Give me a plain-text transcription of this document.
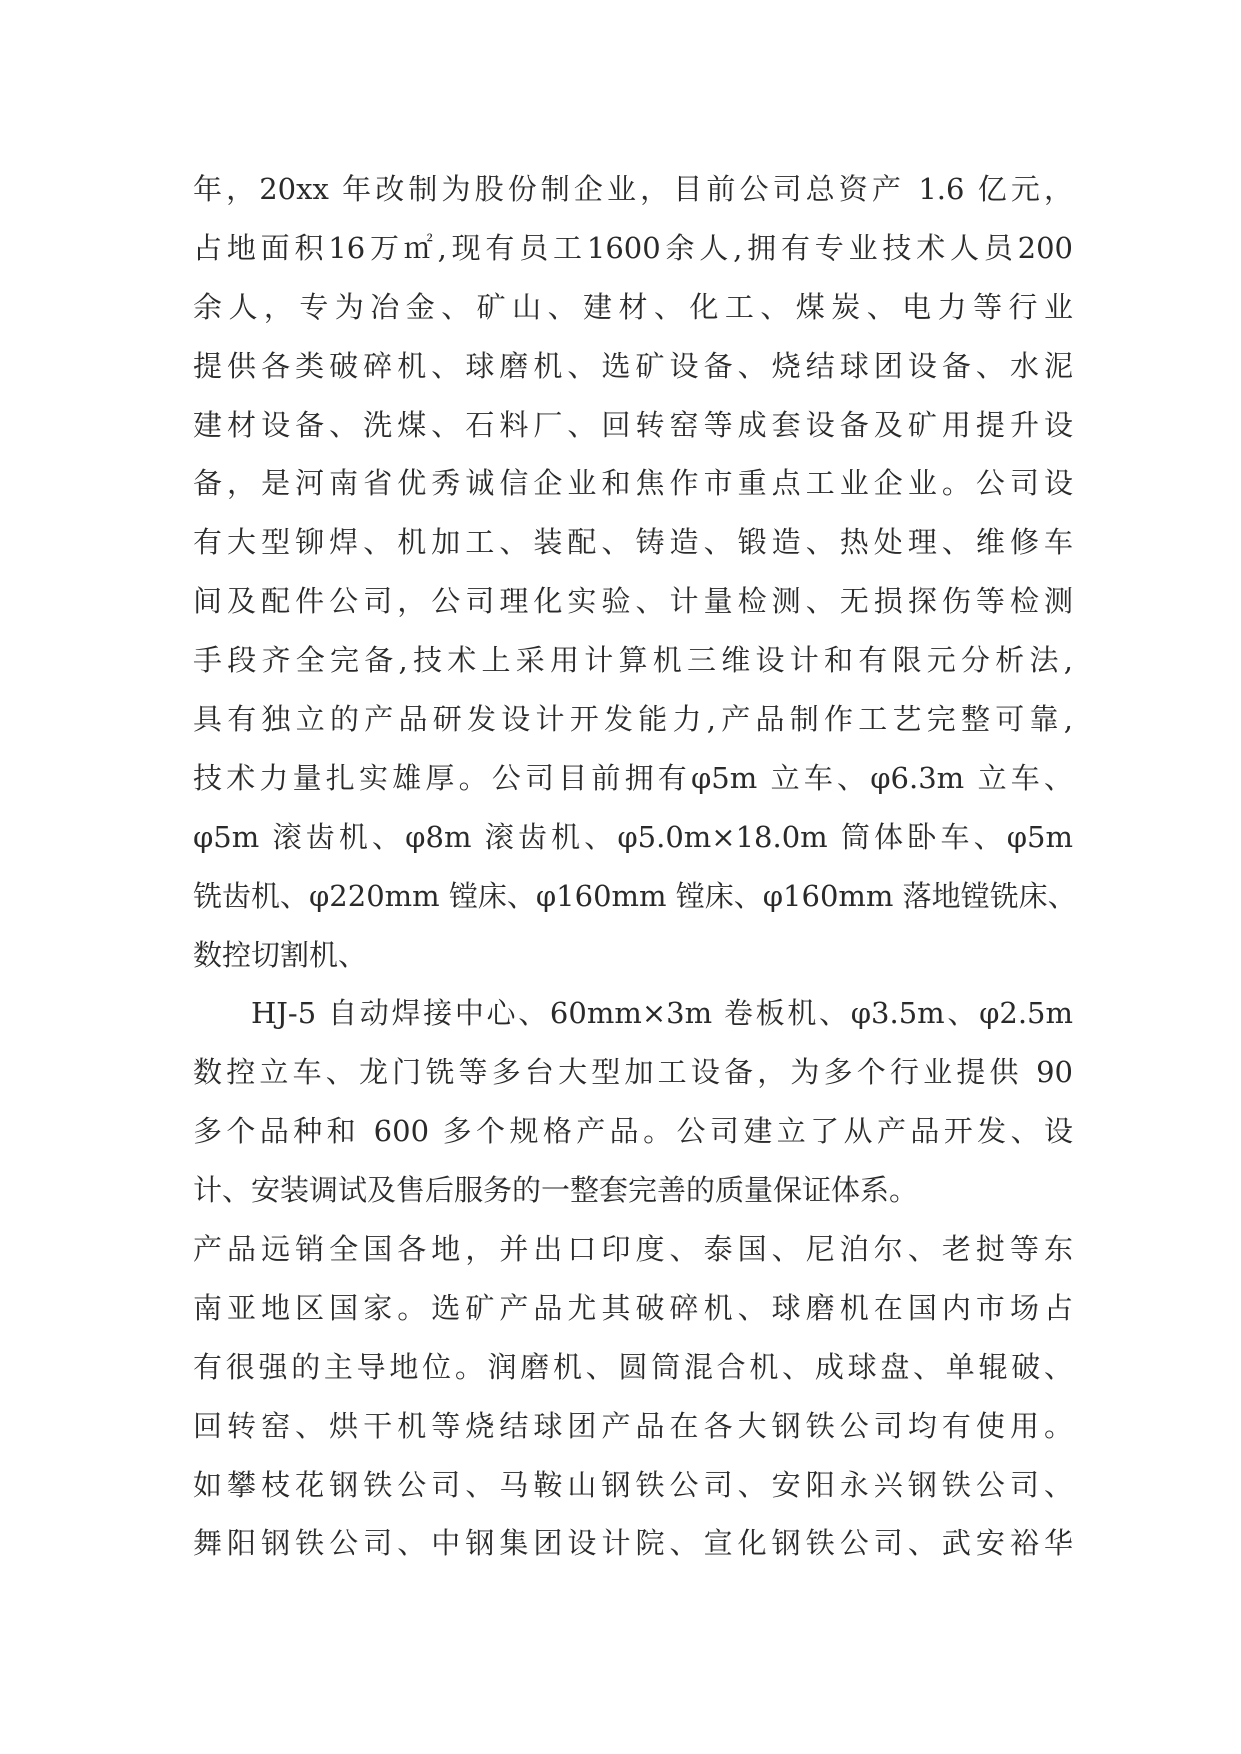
年，20xx 年改制为股份制企业，目前公司总资产 1.6 亿元，
占地面积16万㎡,现有员工1600余人,拥有专业技术人员200
余人，专为冶金、矿山、建材、化工、煤炭、电力等行业
提供各类破碎机、球磨机、选矿设备、烧结球团设备、水泥
建材设备、洗煤、石料厂、回转窑等成套设备及矿用提升设
备，是河南省优秀诚信企业和焦作市重点工业企业。公司设
有大型铆焊、机加工、装配、铸造、锻造、热处理、维修车
间及配件公司，公司理化实验、计量检测、无损探伤等检测
手段齐全完备,技术上采用计算机三维设计和有限元分析法,
具有独立的产品研发设计开发能力,产品制作工艺完整可靠,
技术力量扎实雄厚。公司目前拥有φ5m 立车、φ6.3m 立车、
φ5m 滚齿机、φ8m 滚齿机、φ5.0m×18.0m 筒体卧车、φ5m
铣齿机、φ220mm 镗床、φ160mm 镗床、φ160mm 落地镗铣床、
数控切割机、
HJ-5 自动焊接中心、60mm×3m 卷板机、φ3.5m、φ2.5m
数控立车、龙门铣等多台大型加工设备，为多个行业提供 90
多个品种和 600 多个规格产品。公司建立了从产品开发、设
计、安装调试及售后服务的一整套完善的质量保证体系。
产品远销全国各地，并出口印度、泰国、尼泊尔、老挝等东
南亚地区国家。选矿产品尤其破碎机、球磨机在国内市场占
有很强的主导地位。润磨机、圆筒混合机、成球盘、单辊破、
回转窑、烘干机等烧结球团产品在各大钢铁公司均有使用。
如攀枝花钢铁公司、马鞍山钢铁公司、安阳永兴钢铁公司、
舞阳钢铁公司、中钢集团设计院、宣化钢铁公司、武安裕华
